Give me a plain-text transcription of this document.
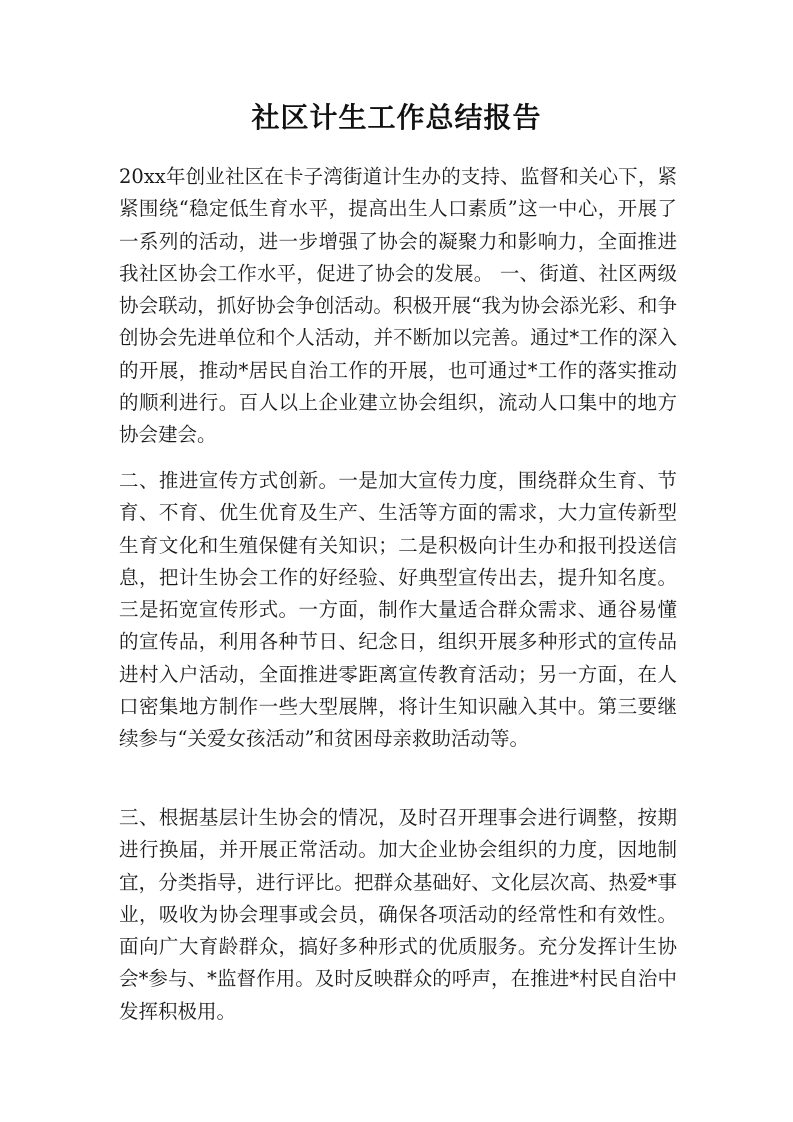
社区计生工作总结报告

20xx年创业社区在卡子湾街道计生办的支持、监督和关心下，紧紧围绕“稳定低生育水平，提高出生人口素质”这一中心，开展了一系列的活动，进一步增强了协会的凝聚力和影响力，全面推进我社区协会工作水平，促进了协会的发展。 一、街道、社区两级协会联动，抓好协会争创活动。积极开展“我为协会添光彩、和争创协会先进单位和个人活动，并不断加以完善。通过*工作的深入的开展，推动*居民自治工作的开展，也可通过*工作的落实推动的顺利进行。百人以上企业建立协会组织，流动人口集中的地方协会建会。

二、推进宣传方式创新。一是加大宣传力度，围绕群众生育、节育、不育、优生优育及生产、生活等方面的需求，大力宣传新型生育文化和生殖保健有关知识；二是积极向计生办和报刊投送信息，把计生协会工作的好经验、好典型宣传出去，提升知名度。三是拓宽宣传形式。一方面，制作大量适合群众需求、通谷易懂的宣传品，利用各种节日、纪念日，组织开展多种形式的宣传品进村入户活动，全面推进零距离宣传教育活动；另一方面，在人口密集地方制作一些大型展牌，将计生知识融入其中。第三要继续参与“关爱女孩活动”和贫困母亲救助活动等。

三、根据基层计生协会的情况，及时召开理事会进行调整，按期进行换届，并开展正常活动。加大企业协会组织的力度，因地制宜，分类指导，进行评比。把群众基础好、文化层次高、热爱*事业，吸收为协会理事或会员，确保各项活动的经常性和有效性。面向广大育龄群众，搞好多种形式的优质服务。充分发挥计生协会*参与、*监督作用。及时反映群众的呼声，在推进*村民自治中发挥积极用。
